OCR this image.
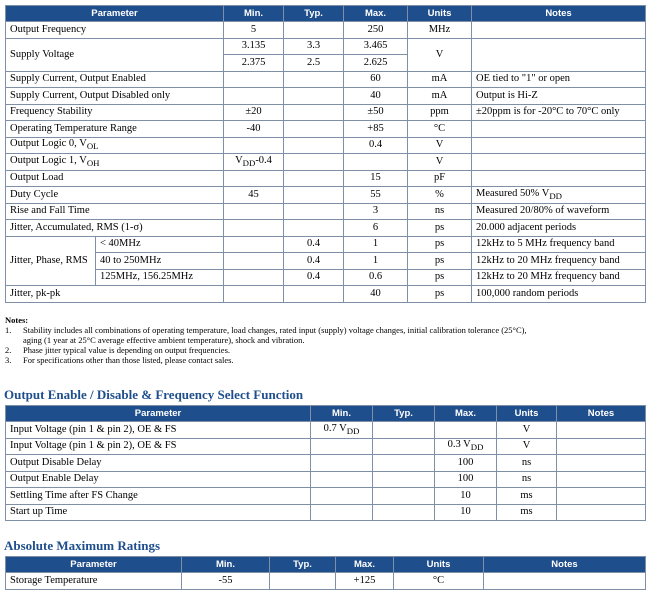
Parameter		Min.	Typ.	Max.	Units	Notes
Output Frequency		5		250	MHz	
Supply Voltage		3.135	3.3	3.465	V	
		2.375	2.5	2.625		
Supply Current, Output Enabled				60	mA	OE tied to "1" or open
Supply Current, Output Disabled only				40	mA	Output is Hi-Z
Frequency Stability		±20		±50	ppm	±20ppm is for -20°C to 70°C only
Operating Temperature Range		-40		+85	°C	
Output Logic 0, $V_{OL}$				0.4	V	
Output Logic 1, $V_{OH}$		$V_{DD}-0.4$			V	
Output Load				15	pF	
Duty Cycle		45		55	%	Measured 50% $V_{DD}$
Rise and Fall Time				3	ns	Measured 20/80% of waveform
Jitter, Accumulated, RMS (1-σ)				6	ps	20.000 adjacent periods
Jitter, Phase, RMS	< 40MHz		0.4	1	ps	12kHz to 5 MHz frequency band
	40 to 250MHz		0.4	1	ps	12kHz to 20 MHz frequency band
	125MHz, 156.25MHz		0.4	0.6	ps	12kHz to 20 MHz frequency band
Jitter, pk-pk				40	ps	100,000 random periods
Notes:
1.	Stability includes all combinations of operating temperature, load changes, rated input (supply) voltage changes, initial calibration tolerance (25°C),
aging (1 year at 25°C average effective ambient temperature), shock and vibration.
2.	Phase jitter typical value is depending on output frequencies.
3.	For specifications other than those listed, please contact sales.
Output Enable / Disable & Frequency Select Function
Parameter	Min.	Typ.	Max.	Units	Notes
Input Voltage (pin 1 & pin 2), OE & FS	0.7 $V_{DD}$			V	
Input Voltage (pin 1 & pin 2), OE & FS			0.3 $V_{DD}$	V	
Output Disable Delay			100	ns	
Output Enable Delay			100	ns	
Settling Time after FS Change			10	ms	
Start up Time			10	ms	
Absolute Maximum Ratings
Parameter	Min.	Typ.	Max.	Units	Notes
Storage Temperature	-55		+125	°C	
